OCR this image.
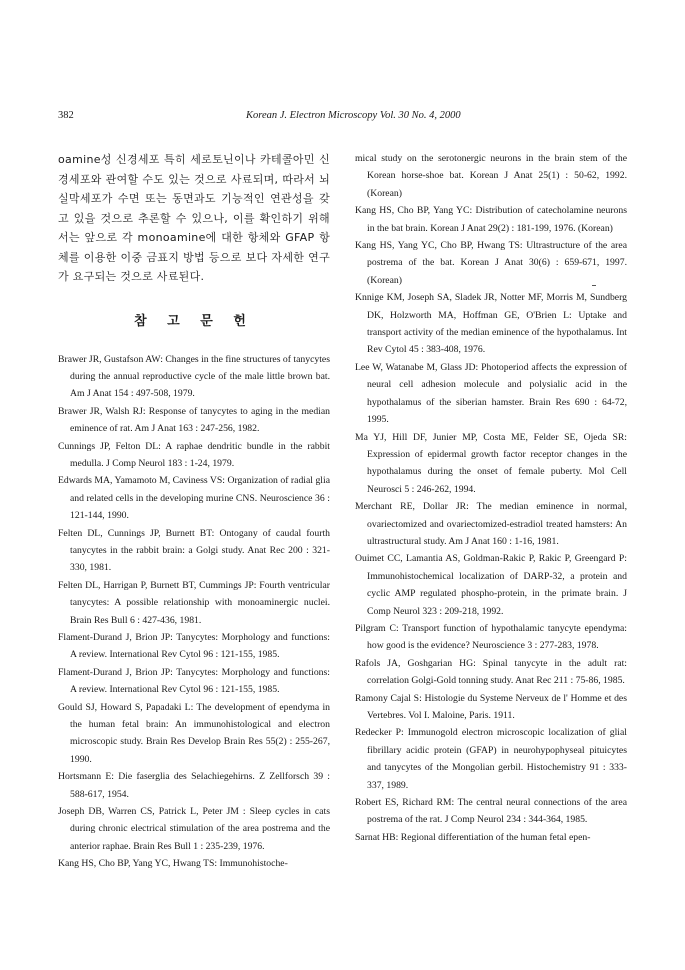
382	Korean J. Electron Microscopy Vol. 30 No. 4, 2000

oamine성 신경세포 특히 세로토닌이나 카테콜아민 신경세포와 관여할 수도 있는 것으로 사료되며, 따라서 뇌실막세포가 수면 또는 동면과도 기능적인 연관성을 갖고 있을 것으로 추론할 수 있으나, 이를 확인하기 위해서는 앞으로 각 monoamine에 대한 항체와 GFAP 항체를 이용한 이중 금표지 방법 등으로 보다 자세한 연구가 요구되는 것으로 사료된다.

참 고 문 헌

Brawer JR, Gustafson AW: Changes in the fine structures of tanycytes during the annual reproductive cycle of the male little brown bat. Am J Anat 154 : 497-508, 1979.

Brawer JR, Walsh RJ: Response of tanycytes to aging in the median eminence of rat. Am J Anat 163 : 247-256, 1982.

Cunnings JP, Felton DL: A raphae dendritic bundle in the rabbit medulla. J Comp Neurol 183 : 1-24, 1979.

Edwards MA, Yamamoto M, Caviness VS: Organization of radial glia and related cells in the developing murine CNS. Neuroscience 36 : 121-144, 1990.

Felten DL, Cunnings JP, Burnett BT: Ontogany of caudal fourth tanycytes in the rabbit brain: a Golgi study. Anat Rec 200 : 321-330, 1981.

Felten DL, Harrigan P, Burnett BT, Cummings JP: Fourth ventricular tanycytes: A possible relationship with monoaminergic nuclei. Brain Res Bull 6 : 427-436, 1981.

Flament-Durand J, Brion JP: Tanycytes: Morphology and functions: A review. International Rev Cytol 96 : 121-155, 1985.

Flament-Durand J, Brion JP: Tanycytes: Morphology and functions: A review. International Rev Cytol 96 : 121-155, 1985.

Gould SJ, Howard S, Papadaki L: The development of ependyma in the human fetal brain: An immunohistological and electron microscopic study. Brain Res Develop Brain Res 55(2) : 255-267, 1990.

Hortsmann E: Die faserglia des Selachiegehirns. Z Zellforsch 39 : 588-617, 1954.

Joseph DB, Warren CS, Patrick L, Peter JM : Sleep cycles in cats during chronic electrical stimulation of the area postrema and the anterior raphae. Brain Res Bull 1 : 235-239, 1976.

Kang HS, Cho BP, Yang YC, Hwang TS: Immunohistoche-

mical study on the serotonergic neurons in the brain stem of the Korean horse-shoe bat. Korean J Anat 25(1) : 50-62, 1992. (Korean)

Kang HS, Cho BP, Yang YC: Distribution of catecholamine neurons in the bat brain. Korean J Anat 29(2) : 181-199, 1976. (Korean)

Kang HS, Yang YC, Cho BP, Hwang TS: Ultrastructure of the area postrema of the bat. Korean J Anat 30(6) : 659-671, 1997. (Korean)

Knnige KM, Joseph SA, Sladek JR, Notter MF, Morris M, Sundberg DK, Holzworth MA, Hoffman GE, O'Brien L: Uptake and transport activity of the median eminence of the hypothalamus. Int Rev Cytol 45 : 383-408, 1976.

Lee W, Watanabe M, Glass JD: Photoperiod affects the expression of neural cell adhesion molecule and polysialic acid in the hypothalamus of the siberian hamster. Brain Res 690 : 64-72, 1995.

Ma YJ, Hill DF, Junier MP, Costa ME, Felder SE, Ojeda SR: Expression of epidermal growth factor receptor changes in the hypothalamus during the onset of female puberty. Mol Cell Neurosci 5 : 246-262, 1994.

Merchant RE, Dollar JR: The median eminence in normal, ovariectomized and ovariectomized-estradiol treated hamsters: An ultrastructural study. Am J Anat 160 : 1-16, 1981.

Ouimet CC, Lamantia AS, Goldman-Rakic P, Rakic P, Greengard P: Immunohistochemical localization of DARP-32, a protein and cyclic AMP regulated phospho-protein, in the primate brain. J Comp Neurol 323 : 209-218, 1992.

Pilgram C: Transport function of hypothalamic tanycyte ependyma: how good is the evidence? Neuroscience 3 : 277-283, 1978.

Rafols JA, Goshgarian HG: Spinal tanycyte in the adult rat: correlation Golgi-Gold tonning study. Anat Rec 211 : 75-86, 1985.

Ramony Cajal S: Histologie du Systeme Nerveux de l' Homme et des Vertebres. Vol I. Maloine, Paris. 1911.

Redecker P: Immunogold electron microscopic localization of glial fibrillary acidic protein (GFAP) in neurohypophyseal pituicytes and tanycytes of the Mongolian gerbil. Histochemistry 91 : 333-337, 1989.

Robert ES, Richard RM: The central neural connections of the area postrema of the rat. J Comp Neurol 234 : 344-364, 1985.

Sarnat HB: Regional differentiation of the human fetal epen-
